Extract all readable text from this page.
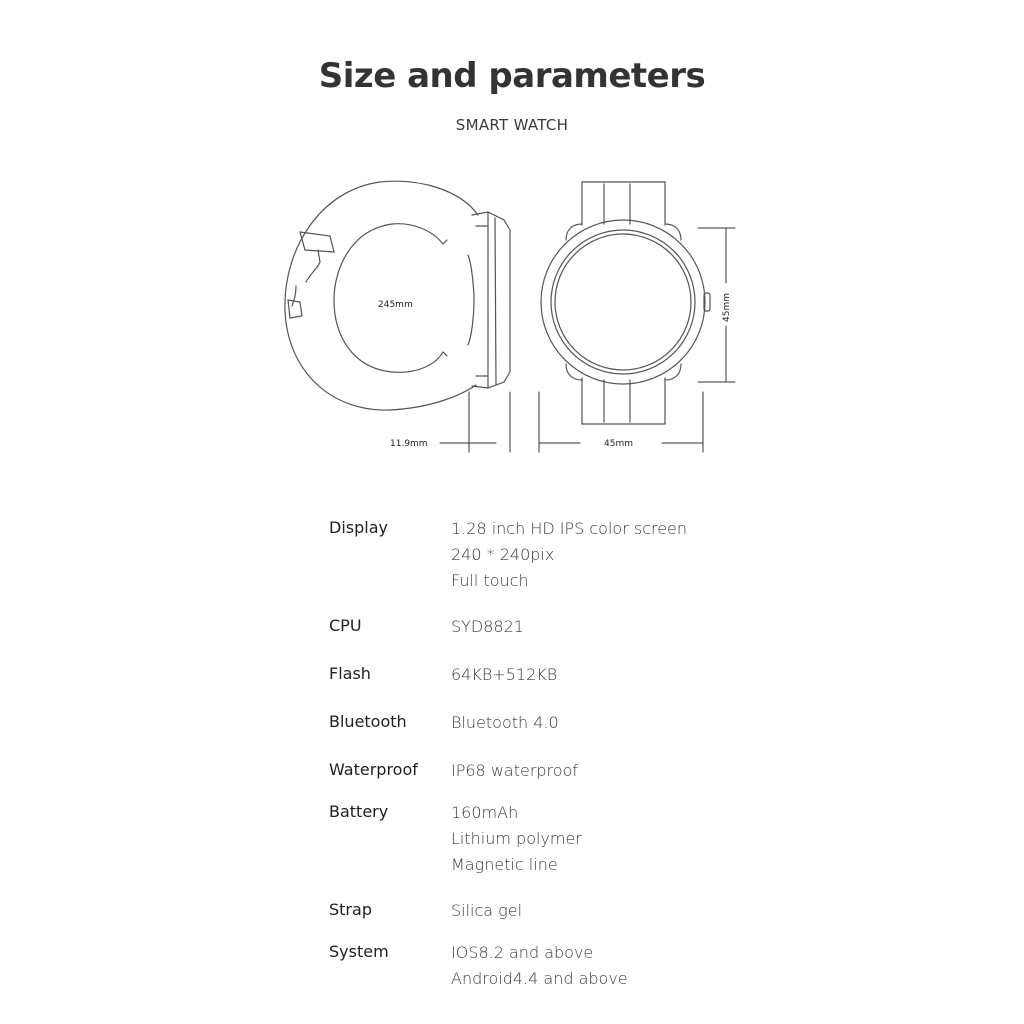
Size and parameters
SMART WATCH
245mm
11.9mm	45mm
45mm
Display	1.28 inch HD IPS color screen
240 * 240pix
Full touch
CPU	SYD8821
Flash	64KB+512KB
Bluetooth	Bluetooth 4.0
Waterproof IP68 waterproof
Battery	160mAh
Lithium polymer
Magnetic line
Strap	Silica gel
System	IOS8.2 and above
Android4.4 and above
